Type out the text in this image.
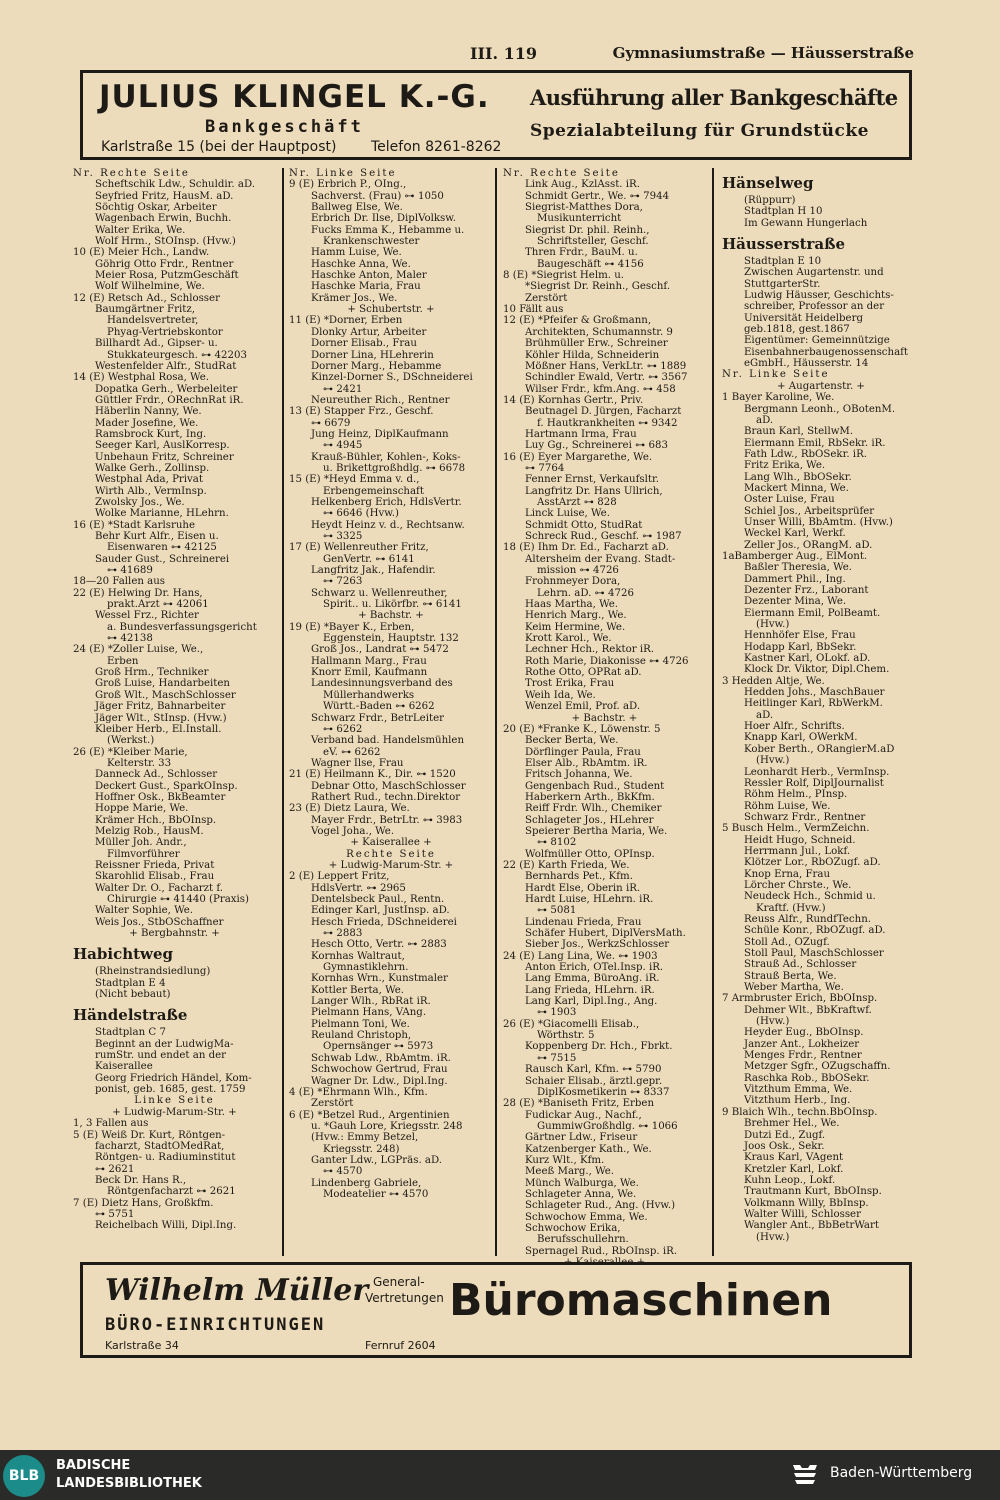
III. 119	Gymnasiumstraße — Häusserstraße
JULIUS KLINGEL K.-G.
Bankgeschäft
Karlstraße 15 (bei der Hauptpost) Telefon 8261-8262
Ausführung aller Bankgeschäfte
Spezialabteilung für Grundstücke
Nr. Rechte Seite
Scheftschik Ldw., Schuldir. aD.
Seyfried Fritz, HausM. aD.
Söchtig Oskar, Arbeiter
Wagenbach Erwin, Buchh.
Walter Erika, We.
Wolf Hrm., StOInsp. (Hvw.)
10 (E) Meier Hch., Landw.
Göhrig Otto Frdr., Rentner
Meier Rosa, PutzmGeschäft
Wolf Wilhelmine, We.
12 (E) Retsch Ad., Schlosser
Baumgärtner Fritz,
Handelsvertreter,
Phyag-Vertriebskontor
Billhardt Ad., Gipser- u.
Stukkateurgesch. ⊶ 42203
Westenfelder Alfr., StudRat
14 (E) Westphal Rosa, We.
Dopatka Gerh., Werbeleiter
Güttler Frdr., ORechnRat iR.
Häberlin Nanny, We.
Mader Josefine, We.
Ramsbrock Kurt, Ing.
Seeger Karl, AuslKorresp.
Unbehaun Fritz, Schreiner
Walke Gerh., Zollinsp.
Westphal Ada, Privat
Wirth Alb., VermInsp.
Zwolsky Jos., We.
Wolke Marianne, HLehrn.
16 (E) *Stadt Karlsruhe
Behr Kurt Alfr., Eisen u.
Eisenwaren ⊶ 42125
Sauder Gust., Schreinerei
⊶ 41689
18—20 Fallen aus
22 (E) Helwing Dr. Hans,
prakt.Arzt ⊶ 42061
Wessel Frz., Richter
a. Bundesverfassungsgericht
⊶ 42138
24 (E) *Zoller Luise, We.,
Erben
Groß Hrm., Techniker
Groß Luise, Handarbeiten
Groß Wlt., MaschSchlosser
Jäger Fritz, Bahnarbeiter
Jäger Wlt., StInsp. (Hvw.)
Kleiber Herb., El.Install.
(Werkst.)
26 (E) *Kleiber Marie,
Kelterstr. 33
Danneck Ad., Schlosser
Deckert Gust., SparkOInsp.
Hoffner Osk., BkBeamter
Hoppe Marie, We.
Krämer Hch., BbOInsp.
Melzig Rob., HausM.
Müller Joh. Andr.,
Filmvorführer
Reissner Frieda, Privat
Skarohlid Elisab., Frau
Walter Dr. O., Facharzt f.
Chirurgie ⊶ 41440 (Praxis)
Walter Sophie, We.
Weis Jos., StbOSchaffner
+ Bergbahnstr. +
Habichtweg
(Rheinstrandsiedlung)
Stadtplan E 4
(Nicht bebaut)
Händelstraße
Stadtplan C 7
Beginnt an der LudwigMa-
rumStr. und endet an der
Kaiserallee
Georg Friedrich Händel, Kom-
ponist, geb. 1685, gest. 1759
Linke Seite
+ Ludwig-Marum-Str. +
1, 3 Fallen aus
5 (E) Weiß Dr. Kurt, Röntgen-
facharzt, StadtOMedRat,
Röntgen- u. Radiuminstitut
⊶ 2621
Beck Dr. Hans R.,
Röntgenfacharzt ⊶ 2621
7 (E) Dietz Hans, Großkfm.
⊶ 5751
Reichelbach Willi, Dipl.Ing.
Nr. Linke Seite
9 (E) Erbrich P., OIng.,
Sachverst. (Frau) ⊶ 1050
Ballweg Else, We.
Erbrich Dr. Ilse, DiplVolksw.
Fucks Emma K., Hebamme u.
Krankenschwester
Hamm Luise, We.
Haschke Anna, We.
Haschke Anton, Maler
Haschke Maria, Frau
Krämer Jos., We.
+ Schubertstr. +
11 (E) *Dorner, Erben
Dlonky Artur, Arbeiter
Dorner Elisab., Frau
Dorner Lina, HLehrerin
Dorner Marg., Hebamme
Kinzel-Dorner S., DSchneiderei
⊶ 2421
Neureuther Rich., Rentner
13 (E) Stapper Frz., Geschf.
⊶ 6679
Jung Heinz, DiplKaufmann
⊶ 4945
Krauß-Bühler, Kohlen-, Koks-
u. Brikettgroßhdlg. ⊶ 6678
15 (E) *Heyd Emma v. d.,
Erbengemeinschaft
Helkenberg Erich, HdlsVertr.
⊶ 6646 (Hvw.)
Heydt Heinz v. d., Rechtsanw.
⊶ 3325
17 (E) Wellenreuther Fritz,
GenVertr. ⊶ 6141
Langfritz Jak., Hafendir.
⊶ 7263
Schwarz u. Wellenreuther,
Spirit.. u. Likörfbr. ⊶ 6141
+ Bachstr. +
19 (E) *Bayer K., Erben,
Eggenstein, Hauptstr. 132
Groß Jos., Landrat ⊶ 5472
Hallmann Marg., Frau
Knorr Emil, Kaufmann
Landesinnungsverband des
Müllerhandwerks
Württ.-Baden ⊶ 6262
Schwarz Frdr., BetrLeiter
⊶ 6262
Verband bad. Handelsmühlen
eV. ⊶ 6262
Wagner Ilse, Frau
21 (E) Heilmann K., Dir. ⊶ 1520
Debnar Otto, MaschSchlosser
Rathert Rud., techn.Direktor
23 (E) Dietz Laura, We.
Mayer Frdr., BetrLtr. ⊶ 3983
Vogel Joha., We.
+ Kaiserallee +
Rechte Seite
+ Ludwig-Marum-Str. +
2 (E) Leppert Fritz,
HdlsVertr. ⊶ 2965
Dentelsbeck Paul., Rentn.
Edinger Karl, JustInsp. aD.
Hesch Frieda, DSchneiderei
⊶ 2883
Hesch Otto, Vertr. ⊶ 2883
Kornhas Waltraut,
Gymnastiklehrn.
Kornhas Wrn., Kunstmaler
Kottler Berta, We.
Langer Wlh., RbRat iR.
Pielmann Hans, VAng.
Pielmann Toni, We.
Reuland Christoph,
Opernsänger ⊶ 5973
Schwab Ldw., RbAmtm. iR.
Schwochow Gertrud, Frau
Wagner Dr. Ldw., Dipl.Ing.
4 (E) *Ehrmann Wlh., Kfm.
Zerstört
6 (E) *Betzel Rud., Argentinien
u. *Gauh Lore, Kriegsstr. 248
(Hvw.: Emmy Betzel,
Kriegsstr. 248)
Ganter Ldw., LGPräs. aD.
⊶ 4570
Lindenberg Gabriele,
Modeatelier ⊶ 4570
Nr. Rechte Seite
Link Aug., KzlAsst. iR.
Schmidt Gertr., We. ⊶ 7944
Siegrist-Matthes Dora,
Musikunterricht
Siegrist Dr. phil. Reinh.,
Schriftsteller, Geschf.
Thren Frdr., BauM. u.
Baugeschäft ⊶ 4156
8 (E) *Siegrist Helm. u.
*Siegrist Dr. Reinh., Geschf.
Zerstört
10 Fällt aus
12 (E) *Pfeifer & Großmann,
Architekten, Schumannstr. 9
Brühmüller Erw., Schreiner
Köhler Hilda, Schneiderin
Mößner Hans, VerkLtr. ⊶ 1889
Schindler Ewald, Vertr. ⊶ 3567
Wilser Frdr., kfm.Ang. ⊶ 458
14 (E) Kornhas Gertr., Priv.
Beutnagel D. Jürgen, Facharzt
f. Hautkrankheiten ⊶ 9342
Hartmann Irma, Frau
Luy Gg., Schreinerei ⊶ 683
16 (E) Eyer Margarethe, We.
⊶ 7764
Fenner Ernst, Verkaufsltr.
Langfritz Dr. Hans Ullrich,
AsstArzt ⊶ 828
Linck Luise, We.
Schmidt Otto, StudRat
Schreck Rud., Geschf. ⊶ 1987
18 (E) Ihm Dr. Ed., Facharzt aD.
Altersheim der Evang. Stadt-
mission ⊶ 4726
Frohnmeyer Dora,
Lehrn. aD. ⊶ 4726
Haas Martha, We.
Henrich Marg., We.
Keim Hermine, We.
Krott Karol., We.
Lechner Hch., Rektor iR.
Roth Marie, Diakonisse ⊶ 4726
Rothe Otto, OPRat aD.
Trost Erika, Frau
Weih Ida, We.
Wenzel Emil, Prof. aD.
+ Bachstr. +
20 (E) *Franke K., Löwenstr. 5
Becker Berta, We.
Dörflinger Paula, Frau
Elser Alb., RbAmtm. iR.
Fritsch Johanna, We.
Gengenbach Rud., Student
Haberkern Arth., BkKfm.
Reiff Frdr. Wlh., Chemiker
Schlageter Jos., HLehrer
Speierer Bertha Maria, We.
⊶ 8102
Wolfmüller Otto, OPInsp.
22 (E) Karth Frieda, We.
Bernhards Pet., Kfm.
Hardt Else, Oberin iR.
Hardt Luise, HLehrn. iR.
⊶ 5081
Lindenau Frieda, Frau
Schäfer Hubert, DiplVersMath.
Sieber Jos., WerkzSchlosser
24 (E) Lang Lina, We. ⊶ 1903
Anton Erich, OTel.Insp. iR.
Lang Emma, BüroAng. iR.
Lang Frieda, HLehrn. iR.
Lang Karl, Dipl.Ing., Ang.
⊶ 1903
26 (E) *Giacomelli Elisab.,
Wörthstr. 5
Koppenberg Dr. Hch., Fbrkt.
⊶ 7515
Rausch Karl, Kfm. ⊶ 5790
Schaier Elisab., ärztl.gepr.
DiplKosmetikerin ⊶ 8337
28 (E) *Baniseth Fritz, Erben
Fudickar Aug., Nachf.,
GummiwGroßhdlg. ⊶ 1066
Gärtner Ldw., Friseur
Katzenberger Kath., We.
Kurz Wlt., Kfm.
Meeß Marg., We.
Münch Walburga, We.
Schlageter Anna, We.
Schlageter Rud., Ang. (Hvw.)
Schwochow Emma, We.
Schwochow Erika,
Berufsschullehrn.
Spernagel Rud., RbOInsp. iR.
+ Kaiserallee +
Hänselweg
(Rüppurr)
Stadtplan H 10
Im Gewann Hungerlach
Häusserstraße
Stadtplan E 10
Zwischen Augartenstr. und
StuttgarterStr.
Ludwig Häusser, Geschichts-
schreiber, Professor an der
Universität Heidelberg
geb.1818, gest.1867
Eigentümer: Gemeinnützige
Eisenbahnerbaugenossenschaft
eGmbH., Häusserstr. 14
Nr. Linke Seite
+ Augartenstr. +
1 Bayer Karoline, We.
Bergmann Leonh., OBotenM.
aD.
Braun Karl, StellwM.
Eiermann Emil, RbSekr. iR.
Fath Ldw., RbOSekr. iR.
Fritz Erika, We.
Lang Wlh., BbOSekr.
Mackert Minna, We.
Oster Luise, Frau
Schiel Jos., Arbeitsprüfer
Unser Willi, BbAmtm. (Hvw.)
Weckel Karl, Werkf.
Zeller Jos., ORangM. aD.
1aBamberger Aug., ElMont.
Baßler Theresia, We.
Dammert Phil., Ing.
Dezenter Frz., Laborant
Dezenter Mina, We.
Eiermann Emil, PolBeamt.
(Hvw.)
Hennhöfer Else, Frau
Hodapp Karl, BbSekr.
Kastner Karl, OLokf. aD.
Klock Dr. Viktor, Dipl.Chem.
3 Hedden Altje, We.
Hedden Johs., MaschBauer
Heitlinger Karl, RbWerkM.
aD.
Hoer Alfr., Schrifts.
Knapp Karl, OWerkM.
Kober Berth., ORangierM.aD
(Hvw.)
Leonhardt Herb., VermInsp.
Ressler Rolf, DiplJournalist
Röhm Helm., PInsp.
Röhm Luise, We.
Schwarz Frdr., Rentner
5 Busch Helm., VermZeichn.
Heidt Hugo, Schneid.
Herrmann Jul., Lokf.
Klötzer Lor., RbOZugf. aD.
Knop Erna, Frau
Lörcher Chrste., We.
Neudeck Hch., Schmid u.
Kraftf. (Hvw.)
Reuss Alfr., RundfTechn.
Schüle Konr., RbOZugf. aD.
Stoll Ad., OZugf.
Stoll Paul, MaschSchlosser
Strauß Ad., Schlosser
Strauß Berta, We.
Weber Martha, We.
7 Armbruster Erich, BbOInsp.
Dehmer Wlt., BbKraftwf.
(Hvw.)
Heyder Eug., BbOInsp.
Janzer Ant., Lokheizer
Menges Frdr., Rentner
Metzger Sgfr., OZugschaffn.
Raschka Rob., BbOSekr.
Vitzthum Emma, We.
Vitzthum Herb., Ing.
9 Blaich Wlh., techn.BbOInsp.
Brehmer Hel., We.
Dutzi Ed., Zugf.
Joos Osk., Sekr.
Kraus Karl, VAgent
Kretzler Karl, Lokf.
Kuhn Leop., Lokf.
Trautmann Kurt, BbOInsp.
Volkmann Willy, BbInsp.
Walter Willi, Schlosser
Wangler Ant., BbBetrWart
(Hvw.)
Wilhelm Müller General-
Vertretungen Büromaschinen
BÜRO-EINRICHTUNGEN
Karlstraße 34	Fernruf 2604
BLB
BADISCHE
LANDESBIBLIOTHEK
Baden-Württemberg
